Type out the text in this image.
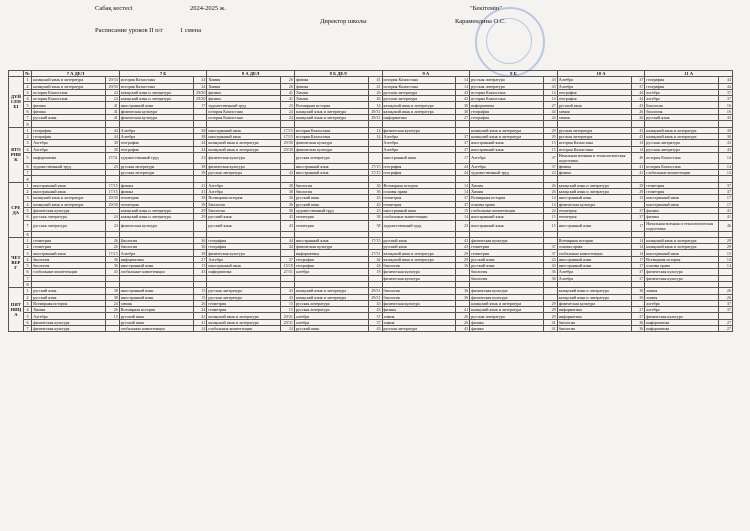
Сабақ кестесі	2024-2025 ж.	"Бекітемін"
Директор школы	Карамендина О.С.
Расписание уроков II п/г	1 смена
	№	7 А ДЕЛ		7 Б		8 А ДЕЛ		8 Б ДЕЛ		9 А		9 Б		10 А		11 А	
ДҮЙСЕНБІ	1	казақский язык и литература	29/34	история Казахстана	24	Химия	26	физика	41	история Казахстана	14	русская литература	43	Алгебра	37	география	44
	2	казақский язык и литература	29/30	история Казахстана	24	Химия	26	физика	41	история Казахстана	14	русская литература	43	Алгебра	37	география	44
	3	история Казахстана	24	казақский язык и литература	29/30	физика	41	Химия	26	русская литература	43	история Казахстана	14	география	44	алгебра	37
	4	история Казахстана	24	казақский язык и литература	29/30	физика	41	Химия	26	русская литература	43	история Казахстана	14	география	44	алгебра	37
	5	физика	41	иностранный язык	17	художественный труд	23	Всемирная история	14	казақский язык и литература	30	информатика	27	русский язык	43	Биология	16
	6	физика	41	физическая культура		история Казахстана	24	казақский язык и литература	29/31	казақский язык и литература	30	география	44	химия	26	биология	16
	7	русский язык	41	физическая культура		история Казахстана	24	казақский язык и литература	29/31	информатика	27	география	44	химия	26	русский язык	43
	8																
ВТОРНИК	1	география	44	Алгебра	38	иностранный язык	17/15	история Казахстана	14	физическая культура		казақский язык и литература	29	русская литература	43	казақский язык и литература	30
	2	география	44	Алгебра	38	иностранный язык	17/15	история Казахстана	14	Алгебра	37	казақский язык и литература	29	русская литература	43	казақский язык и литература	30
	3	Алгебра	38	география	44	казақский язык и литература	29/30	физическая культура		Алгебра	37	иностранный язык	15	история Казахстана	14	русская литература	43
	4	Алгебра	38	география	44	казақский язык и литература	29/30	физическая культура		Алгебра	37	иностранный язык	15	история Казахстана	14	русская литература	43
	5	информатика	27/31	художественный труд	23	физическая культура		русская литература		иностранный язык	17	Алгебра	37	Начальная военная и технологическая подготовка	46	история Казахстана	14
	6	художественный труд	23	русская литература	38	физическая культура		иностранный язык	17/15	география	44	Алгебра	37	физика	41	история Казахстана	14
	7			русская литература	38	русская литература	43	иностранный язык	17/15	география	44	художественный труд	23	физика	41	глобальные компетенции	14
	8																
СРЕДА	1	иностранный язык	17/15	физика	41	Алгебра	38	биология	36	Всемирная история	14	Химия	26	казақский язык и литература	29	геометрия	37
	2	иностранный язык	17/15	физика	41	Алгебра	38	биология	36	основы права	14	Химия	26	казақский язык и литература	29	геометрия	37
	3	казақский язык и литература	29/30	геометрия	38	Всемирная история	36	русский язык	43	геометрия	37	Всемирная история	14	иностранный язык	15	иностранный язык	17
	4	казақский язык и литература	29/30	геометрия	38	Биология	36	русский язык	43	геометрия	37	основы права	14	физическая культура		иностранный язык	17
	5	физическая культура		казақский язык и литература	29	Биология	36	художественный труд	23	иностранный язык	15	глобальные компетенции	24	геометрия	37	физика	41
	6	русская литература	24	казақский язык и литература	29	русский язык	43	геометрия	38	глобальные компетенции	14	иностранный язык	15	геометрия	37	физика	41
	7	русская литература	24	физическая культура		русский язык	43	геометрия	38	художественный труд	23	иностранный язык	15	иностранный язык	17	Начальная военная и технологическая подготовка	46
	8																
ЧЕТВЕРГ	1	геометрия	26	Биология	36	география	44	иностранный язык	17/15	русский язык	43	физическая культура		Всемирная история	14	казақский язык и литература	29
	2	геометрия	26	биология	36	география	44	физическая культура		русский язык	43	геометрия	37	основы права	14	казақский язык и литература	29
	3	иностранный язык	17/15	Алгебра	38	физическая культура		информатика	27/31	казақский язык и литература	29	геометрия	37	глобальные компетенции	14	иностранный язык	15
	4	биология	36	информатика	27	Алгебра	37	география	44	казақский язык и литература	29	русский язык	43	иностранный язык	17	Всемирная история	14
	5	биология	36	иностранный язык	15	иностранный язык	15/18	география	44	биология	16	русский язык	43	иностранный язык	17	основы права	14
	6	глобальные компетенции	43	глобальные компетенции	43	информатика	27/31	алгебра	18	физическая культура		биология	36	Алгебра	37	физическая культура	
	7									физическая культура		биология	36	Алгебра	37	физическая культура	
	8																
ПЯТНИЦА	1	русский язык	38	иностранный язык	15	русская литература	43	казақский язык и литература	29/31	биология	36	физическая культура		казақский язык и литература	30	химия	26
	2	русский язык	38	иностранный язык	15	русская литература	43	казақский язык и литература	29/31	биология	36	физическая культура		казақский язык и литература	30	химия	26
	3	Всемирная история	24	химия	26	геометрия	15	русская литература	43	физическая культура		казақский язык и литература	29	физическая культура		алгебра	37
	4	Химия	26	Всемирная история	24	геометрия	15	русская литература	43	физика	41	казақский язык и литература	29	информатика	27	алгебра	37
	5	Алгебра	15	русский язык	41	казақский язык и литература	29/31	алгебра	37	химия	26	русская литература	29	информатика	27	физическая культура	
	6	физическая культура		русский язык	41	казақский язык и литература	29/31	алгебра	37	химия	26	физика	41	биология	36	информатика	27
	7	физическая культура		глобальные компетенции	24	глобальные компетенции	24	русский язык	43	русская литература	43	физика	41	биология	36	информатика	27
